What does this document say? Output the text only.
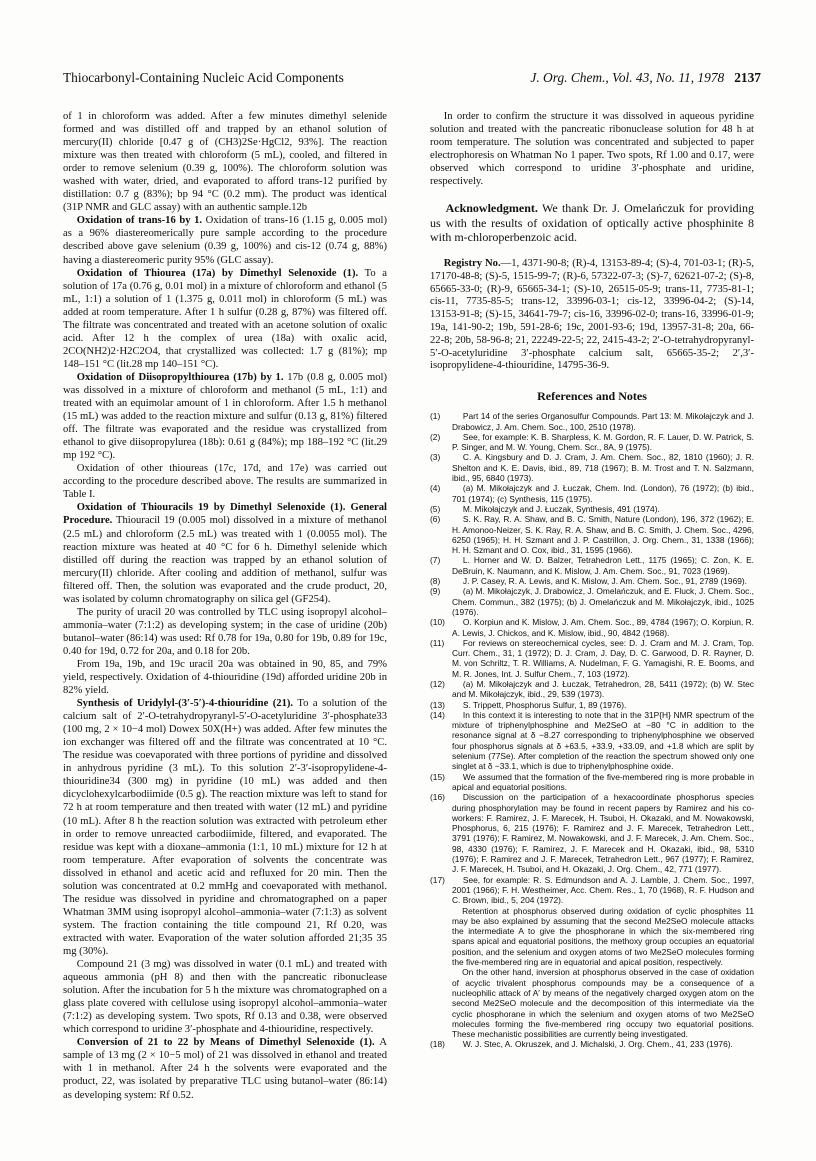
Thiocarbonyl-Containing Nucleic Acid Components	J. Org. Chem., Vol. 43, No. 11, 1978 2137

of 1 in chloroform was added. After a few minutes dimethyl selenide formed and was distilled off and trapped by an ethanol solution of mercury(II) chloride [0.47 g of (CH3)2Se·HgCl2, 93%]. The reaction mixture was then treated with chloroform (5 mL), cooled, and filtered in order to remove selenium (0.39 g, 100%). The chloroform solution was washed with water, dried, and evaporated to afford trans-12 purified by distillation: 0.7 g (83%); bp 94 °C (0.2 mm). The product was identical (31P NMR and GLC assay) with an authentic sample.12b

Oxidation of trans-16 by 1. Oxidation of trans-16 (1.15 g, 0.005 mol) as a 96% diastereomerically pure sample according to the procedure described above gave selenium (0.39 g, 100%) and cis-12 (0.74 g, 88%) having a diastereomeric purity 95% (GLC assay).

Oxidation of Thiourea (17a) by Dimethyl Selenoxide (1). To a solution of 17a (0.76 g, 0.01 mol) in a mixture of chloroform and ethanol (5 mL, 1:1) a solution of 1 (1.375 g, 0.011 mol) in chloroform (5 mL) was added at room temperature. After 1 h sulfur (0.28 g, 87%) was filtered off. The filtrate was concentrated and treated with an acetone solution of oxalic acid. After 12 h the complex of urea (18a) with oxalic acid, 2CO(NH2)2·H2C2O4, that crystallized was collected: 1.7 g (81%); mp 148–151 °C (lit.28 mp 140–151 °C).

Oxidation of Diisopropylthiourea (17b) by 1. 17b (0.8 g, 0.005 mol) was dissolved in a mixture of chloroform and methanol (5 mL, 1:1) and treated with an equimolar amount of 1 in chloroform. After 1.5 h methanol (15 mL) was added to the reaction mixture and sulfur (0.13 g, 81%) filtered off. The filtrate was evaporated and the residue was crystallized from ethanol to give diisopropylurea (18b): 0.61 g (84%); mp 188–192 °C (lit.29 mp 192 °C).

Oxidation of other thioureas (17c, 17d, and 17e) was carried out according to the procedure described above. The results are summarized in Table I.

Oxidation of Thiouracils 19 by Dimethyl Selenoxide (1). General Procedure. Thiouracil 19 (0.005 mol) dissolved in a mixture of methanol (2.5 mL) and chloroform (2.5 mL) was treated with 1 (0.0055 mol). The reaction mixture was heated at 40 °C for 6 h. Dimethyl selenide which distilled off during the reaction was trapped by an ethanol solution of mercury(II) chloride. After cooling and addition of methanol, sulfur was filtered off. Then, the solution was evaporated and the crude product, 20, was isolated by column chromatography on silica gel (GF254).

The purity of uracil 20 was controlled by TLC using isopropyl alcohol–ammonia–water (7:1:2) as developing system; in the case of uridine (20b) butanol–water (86:14) was used: Rf 0.78 for 19a, 0.80 for 19b, 0.89 for 19c, 0.40 for 19d, 0.72 for 20a, and 0.18 for 20b.

From 19a, 19b, and 19c uracil 20a was obtained in 90, 85, and 79% yield, respectively. Oxidation of 4-thiouridine (19d) afforded uridine 20b in 82% yield.

Synthesis of Uridylyl-(3′-5′)-4-thiouridine (21). To a solution of the calcium salt of 2′-O-tetrahydropyranyl-5′-O-acetyluridine 3′-phosphate33 (100 mg, 2 × 10−4 mol) Dowex 50X(H+) was added. After few minutes the ion exchanger was filtered off and the filtrate was concentrated at 10 °C. The residue was coevaporated with three portions of pyridine and dissolved in anhydrous pyridine (3 mL). To this solution 2′-3′-isopropylidene-4-thiouridine34 (300 mg) in pyridine (10 mL) was added and then dicyclohexylcarbodiimide (0.5 g). The reaction mixture was left to stand for 72 h at room temperature and then treated with water (12 mL) and pyridine (10 mL). After 8 h the reaction solution was extracted with petroleum ether in order to remove unreacted carbodiimide, filtered, and evaporated. The residue was kept with a dioxane–ammonia (1:1, 10 mL) mixture for 12 h at room temperature. After evaporation of solvents the concentrate was dissolved in ethanol and acetic acid and refluxed for 20 min. Then the solution was concentrated at 0.2 mmHg and coevaporated with methanol. The residue was dissolved in pyridine and chromatographed on a paper Whatman 3MM using isopropyl alcohol–ammonia–water (7:1:3) as solvent system. The fraction containing the title compound 21, Rf 0.20, was extracted with water. Evaporation of the water solution afforded 21;35 35 mg (30%).

Compound 21 (3 mg) was dissolved in water (0.1 mL) and treated with aqueous ammonia (pH 8) and then with the pancreatic ribonuclease solution. After the incubation for 5 h the mixture was chromatographed on a glass plate covered with cellulose using isopropyl alcohol–ammonia–water (7:1:2) as developing system. Two spots, Rf 0.13 and 0.38, were observed which correspond to uridine 3′-phosphate and 4-thiouridine, respectively.

Conversion of 21 to 22 by Means of Dimethyl Selenoxide (1). A sample of 13 mg (2 × 10−5 mol) of 21 was dissolved in ethanol and treated with 1 in methanol. After 24 h the solvents were evaporated and the product, 22, was isolated by preparative TLC using butanol–water (86:14) as developing system: Rf 0.52.

In order to confirm the structure it was dissolved in aqueous pyridine solution and treated with the pancreatic ribonuclease solution for 48 h at room temperature. The solution was concentrated and subjected to paper electrophoresis on Whatman No 1 paper. Two spots, Rf 1.00 and 0.17, were observed which correspond to uridine 3′-phosphate and uridine, respectively.

Acknowledgment. We thank Dr. J. Omelańczuk for providing us with the results of oxidation of optically active phosphinite 8 with m-chloroperbenzoic acid.

Registry No.—1, 4371-90-8; (R)-4, 13153-89-4; (S)-4, 701-03-1; (R)-5, 17170-48-8; (S)-5, 1515-99-7; (R)-6, 57322-07-3; (S)-7, 62621-07-2; (S)-8, 65665-33-0; (R)-9, 65665-34-1; (S)-10, 26515-05-9; trans-11, 7735-81-1; cis-11, 7735-85-5; trans-12, 33996-03-1; cis-12, 33996-04-2; (S)-14, 13153-91-8; (S)-15, 34641-79-7; cis-16, 33996-02-0; trans-16, 33996-01-9; 19a, 141-90-2; 19b, 591-28-6; 19c, 2001-93-6; 19d, 13957-31-8; 20a, 66-22-8; 20b, 58-96-8; 21, 22249-22-5; 22, 2415-43-2; 2′-O-tetrahydropyranyl-5′-O-acetyluridine 3′-phosphate calcium salt, 65665-35-2; 2′,3′-isopropylidene-4-thiouridine, 14795-36-9.

References and Notes
(1)	Part 14 of the series Organosulfur Compounds. Part 13: M. Mikołajczyk and J. Drabowicz, J. Am. Chem. Soc., 100, 2510 (1978).

(2)	See, for example: K. B. Sharpless, K. M. Gordon, R. F. Lauer, D. W. Patrick, S. P. Singer, and M. W. Young, Chem. Scr., 8A, 9 (1975).

(3)	C. A. Kingsbury and D. J. Cram, J. Am. Chem. Soc., 82, 1810 (1960); J. R. Shelton and K. E. Davis, ibid., 89, 718 (1967); B. M. Trost and T. N. Salzmann, ibid., 95, 6840 (1973).

(4)	(a) M. Mikołajczyk and J. Łuczak, Chem. Ind. (London), 76 (1972); (b) ibid., 701 (1974); (c) Synthesis, 115 (1975).

(5)	M. Mikołajczyk and J. Łuczak, Synthesis, 491 (1974).

(6)	S. K. Ray, R. A. Shaw, and B. C. Smith, Nature (London), 196, 372 (1962); E. H. Amonoo-Neizer, S. K. Ray, R. A. Shaw, and B. C. Smith, J. Chem. Soc., 4296, 6250 (1965); H. H. Szmant and J. P. Castrillon, J. Org. Chem., 31, 1338 (1966); H. H. Szmant and O. Cox, ibid., 31, 1595 (1966).

(7)	L. Horner and W. D. Balzer, Tetrahedron Lett., 1175 (1965); C. Zon, K. E. DeBruin, K. Naumann, and K. Mislow, J. Am. Chem. Soc., 91, 7023 (1969).

(8)	J. P. Casey, R. A. Lewis, and K. Mislow, J. Am. Chem. Soc., 91, 2789 (1969).

(9)	(a) M. Mikołajczyk, J. Drabowicz, J. Omelańczuk, and E. Fluck, J. Chem. Soc., Chem. Commun., 382 (1975); (b) J. Omelańczuk and M. Mikołajczyk, ibid., 1025 (1976).

(10)	O. Korpiun and K. Mislow, J. Am. Chem. Soc., 89, 4784 (1967); O. Korpiun, R. A. Lewis, J. Chickos, and K. Mislow, ibid., 90, 4842 (1968).

(11)	For reviews on stereochemical cycles, see: D. J. Cram and M. J. Cram, Top. Curr. Chem., 31, 1 (1972); D. J. Cram, J. Day, D. C. Garwood, D. R. Rayner, D. M. von Schriltz, T. R. Williams, A. Nudelman, F. G. Yamagishi, R. E. Booms, and M. R. Jones, Int. J. Sulfur Chem., 7, 103 (1972).

(12)	(a) M. Mikołajczyk and J. Łuczak, Tetrahedron, 28, 5411 (1972); (b) W. Stec and M. Mikołajczyk, ibid., 29, 539 (1973).

(13)	S. Trippett, Phosphorus Sulfur, 1, 89 (1976).

(14)	In this context it is interesting to note that in the 31P{H} NMR spectrum of the mixture of triphenylphosphine and Me2SeO at −80 °C in addition to the resonance signal at δ −8.27 corresponding to triphenylphosphine we observed four phosphorus signals at δ +63.5, +33.9, +33.09, and +1.8 which are split by selenium (77Se). After completion of the reaction the spectrum showed only one singlet at δ −33.1, which is due to triphenylphosphine oxide.

(15)	We assumed that the formation of the five-membered ring is more probable in apical and equatorial positions.

(16)	Discussion on the participation of a hexacoordinate phosphorus species during phosphorylation may be found in recent papers by Ramirez and his co-workers: F. Ramirez, J. F. Marecek, H. Tsuboi, H. Okazaki, and M. Nowakowski, Phosphorus, 6, 215 (1976); F. Ramirez and J. F. Marecek, Tetrahedron Lett., 3791 (1976); F. Ramirez, M. Nowakowski, and J. F. Marecek, J. Am. Chem. Soc., 98, 4330 (1976); F. Ramirez, J. F. Marecek and H. Okazaki, ibid., 98, 5310 (1976); F. Ramirez and J. F. Marecek, Tetrahedron Lett., 967 (1977); F. Ramirez, J. F. Marecek, H. Tsuboi, and H. Okazaki, J. Org. Chem., 42, 771 (1977).

(17)	See, for example: R. S. Edmundson and A. J. Lamble, J. Chem. Soc., 1997, 2001 (1966); F. H. Westheimer, Acc. Chem. Res., 1, 70 (1968), R. F. Hudson and C. Brown, ibid., 5, 204 (1972).

Retention at phosphorus observed during oxidation of cyclic phosphites 11 may be also explained by assuming that the second Me2SeO molecule attacks the intermediate A to give the phosphorane in which the six-membered ring spans apical and equatorial positions, the methoxy group occupies an equatorial position, and the selenium and oxygen atoms of two Me2SeO molecules forming the five-membered ring are in equatorial and apical position, respectively.

On the other hand, inversion at phosphorus observed in the case of oxidation of acyclic trivalent phosphorus compounds may be a consequence of a nucleophilic attack of A′ by means of the negatively charged oxygen atom on the second Me2SeO molecule and the decomposition of this intermediate via the cyclic phosphorane in which the selenium and oxygen atoms of two Me2SeO molecules forming the five-membered ring occupy two equatorial positions. These mechanistic possibilities are currently being investigated.

(18)	W. J. Stec, A. Okruszek, and J. Michalski, J. Org. Chem., 41, 233 (1976).
